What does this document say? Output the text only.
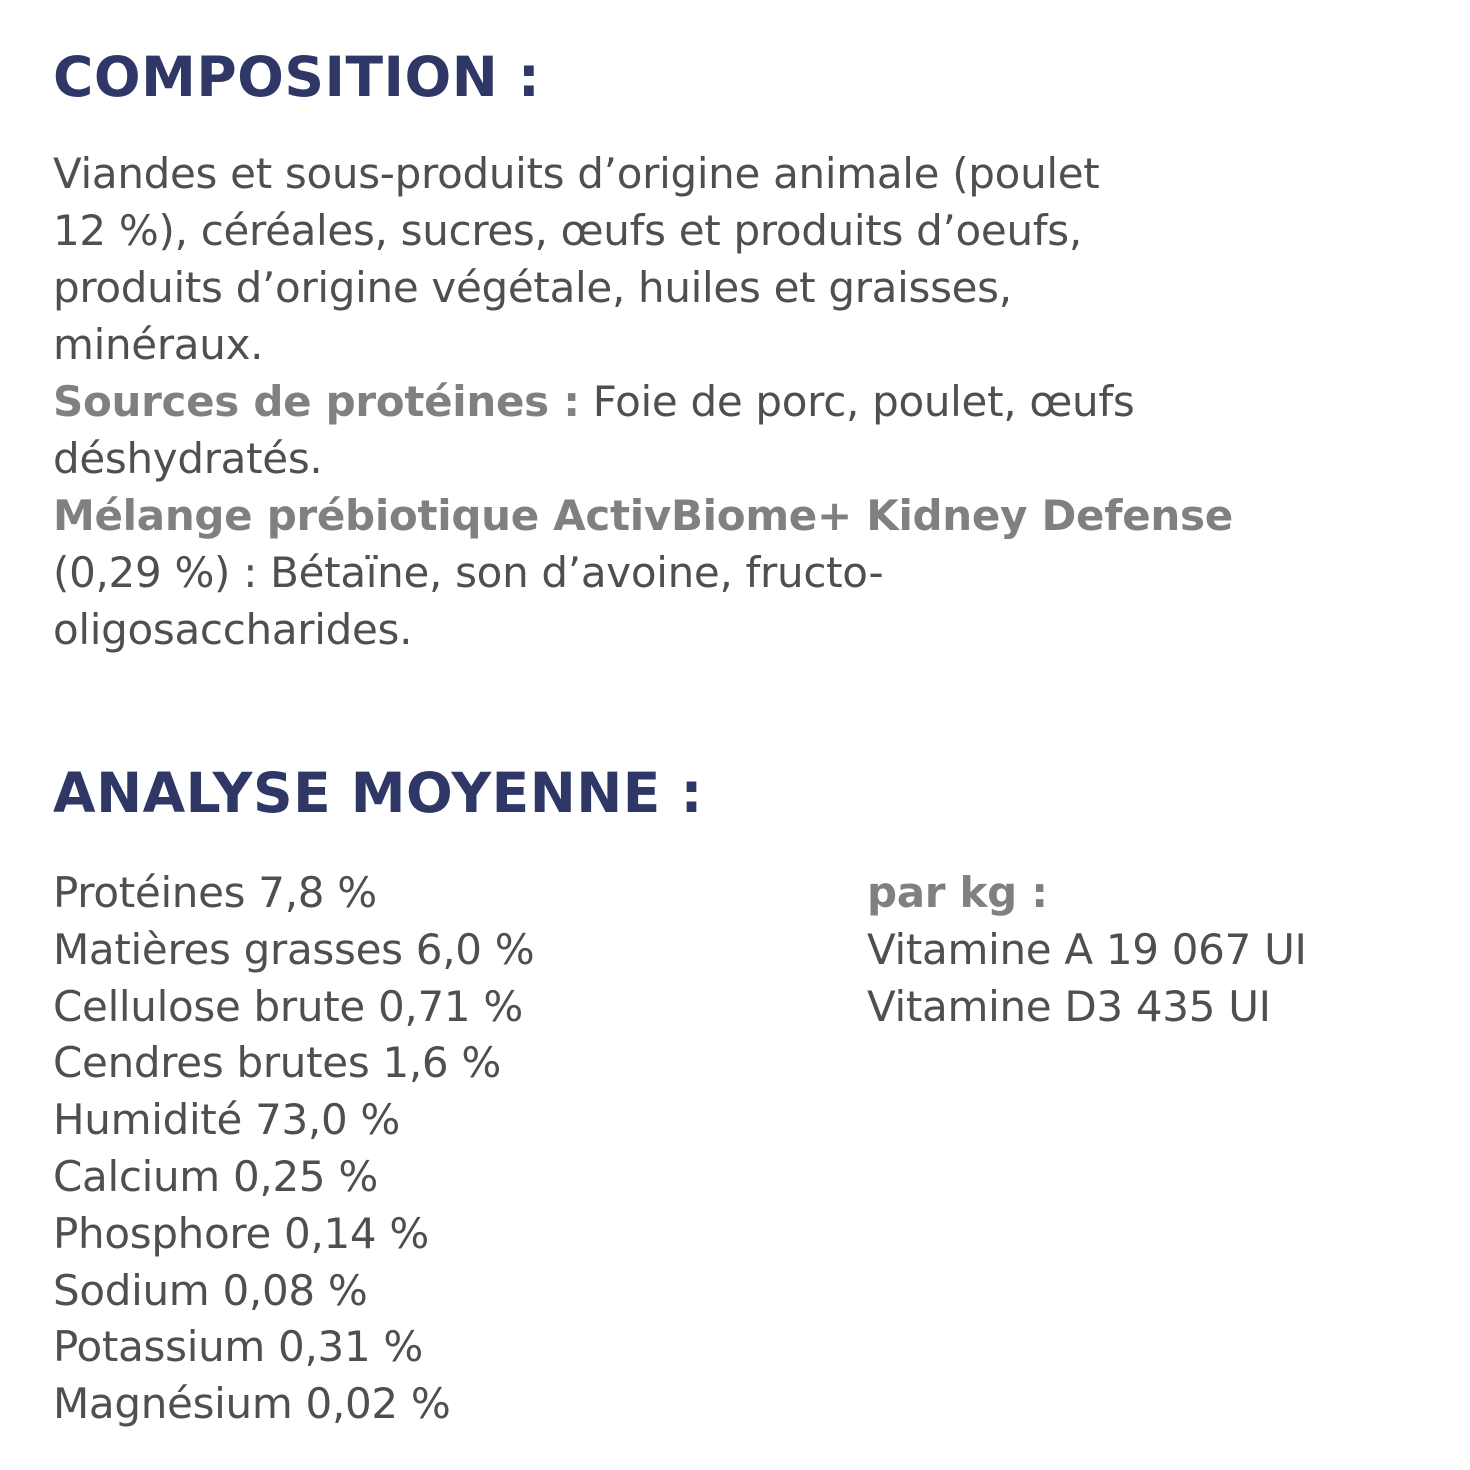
COMPOSITION :
Viandes et sous-produits d’origine animale (poulet
12 %), céréales, sucres, œufs et produits d’oeufs,
produits d’origine végétale, huiles et graisses,
minéraux.
Sources de protéines : Foie de porc, poulet, œufs
déshydratés.
Mélange prébiotique ActivBiome+ Kidney Defense
(0,29 %) : Bétaïne, son d’avoine, fructo-
oligosaccharides.
ANALYSE MOYENNE :
Protéines 7,8 %
Matières grasses 6,0 %
Cellulose brute 0,71 %
Cendres brutes 1,6 %
Humidité 73,0 %
Calcium 0,25 %
Phosphore 0,14 %
Sodium 0,08 %
Potassium 0,31 %
Magnésium 0,02 %
par kg :
Vitamine A 19 067 UI
Vitamine D3 435 UI
